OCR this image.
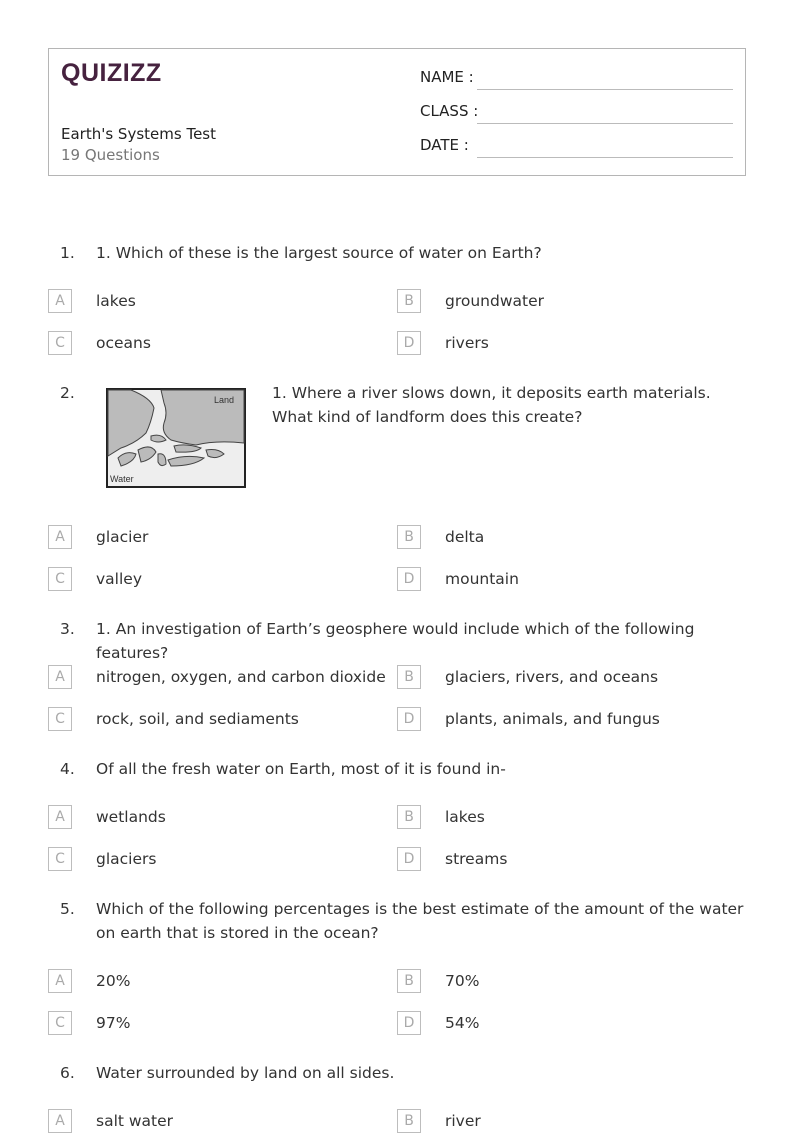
QUIZIZZ
Earth's Systems Test
19 Questions
NAME :
CLASS :
DATE :
1. 1. Which of these is the largest source of water on Earth?
A	lakes	B	groundwater
C	oceans	D	rivers
2.	1. Where a river slows down, it deposits earth materials. What kind of landform does this create?
A	glacier	B	delta
C	valley	D	mountain
3. 1. An investigation of Earth’s geosphere would include which of the following features?
A	nitrogen, oxygen, and carbon dioxide	B	glaciers, rivers, and oceans
C	rock, soil, and sediaments	D	plants, animals, and fungus
4. Of all the fresh water on Earth, most of it is found in-
A	wetlands	B	lakes
C	glaciers	D	streams
5. Which of the following percentages is the best estimate of the amount of the water on earth that is stored in the ocean?
A	20%	B	70%
C	97%	D	54%
6. Water surrounded by land on all sides.
A	salt water	B	river
Land
Water
